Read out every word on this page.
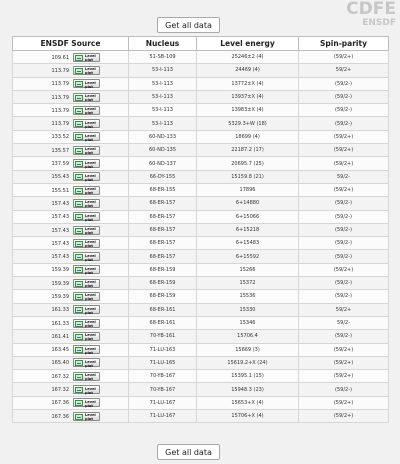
CDFE
ENSDF
Get all data
ENSDF Source	Nucleus	Level energy	Spin-parity
109.61 Level
plot	51-SB-109	25246±2 (4)	(59/2+)
113.79 Level
plot	53-I-113	24469 (4)	59/2+
113.79 Level
plot	53-I-113	13772±X (4)	(59/2-)
113.79 Level
plot	53-I-113	13937±X (4)	(59/2-)
113.79 Level
plot	53-I-113	13983±X (4)	(59/2-)
113.79 Level
plot	53-I-113	5329.3+W (18)	(59/2-)
133.52 Level
plot	60-ND-133	18699 (4)	(59/2+)
135.57 Level
plot	60-ND-135	22187.2 (17)	(59/2+)
137.59 Level
plot	60-ND-137	20695.7 (25)	(59/2+)
155.43 Level
plot	66-DY-155	15159.8 (21)	59/2-
155.51 Level
plot	68-ER-155	17896	(59/2+)
157.43 Level
plot	68-ER-157	6+14880	(59/2-)
157.43 Level
plot	68-ER-157	6+15066	(59/2-)
157.43 Level
plot	68-ER-157	6+15218	(59/2-)
157.43 Level
plot	68-ER-157	6+15483	(59/2-)
157.43 Level
plot	68-ER-157	6+15592	(59/2-)
159.39 Level
plot	68-ER-159	15266	(59/2+)
159.39 Level
plot	68-ER-159	15372	(59/2-)
159.39 Level
plot	68-ER-159	15536	(59/2-)
161.33 Level
plot	68-ER-161	15330	59/2+
161.33 Level
plot	68-ER-161	15346	59/2-
161.41 Level
plot	70-YB-161	15706.4	(59/2-)
163.45 Level
plot	71-LU-163	15669 (3)	(59/2+)
165.40 Level
plot	71-LU-165	15619.2+X (24)	(59/2+)
167.32 Level
plot	70-YB-167	15395.1 (15)	(59/2+)
167.32 Level
plot	70-YB-167	15948.3 (23)	(59/2-)
167.36 Level
plot	71-LU-167	15653+X (4)	(59/2+)
167.36 Level
plot	71-LU-167	15706+X (4)	(59/2+)
Get all data
